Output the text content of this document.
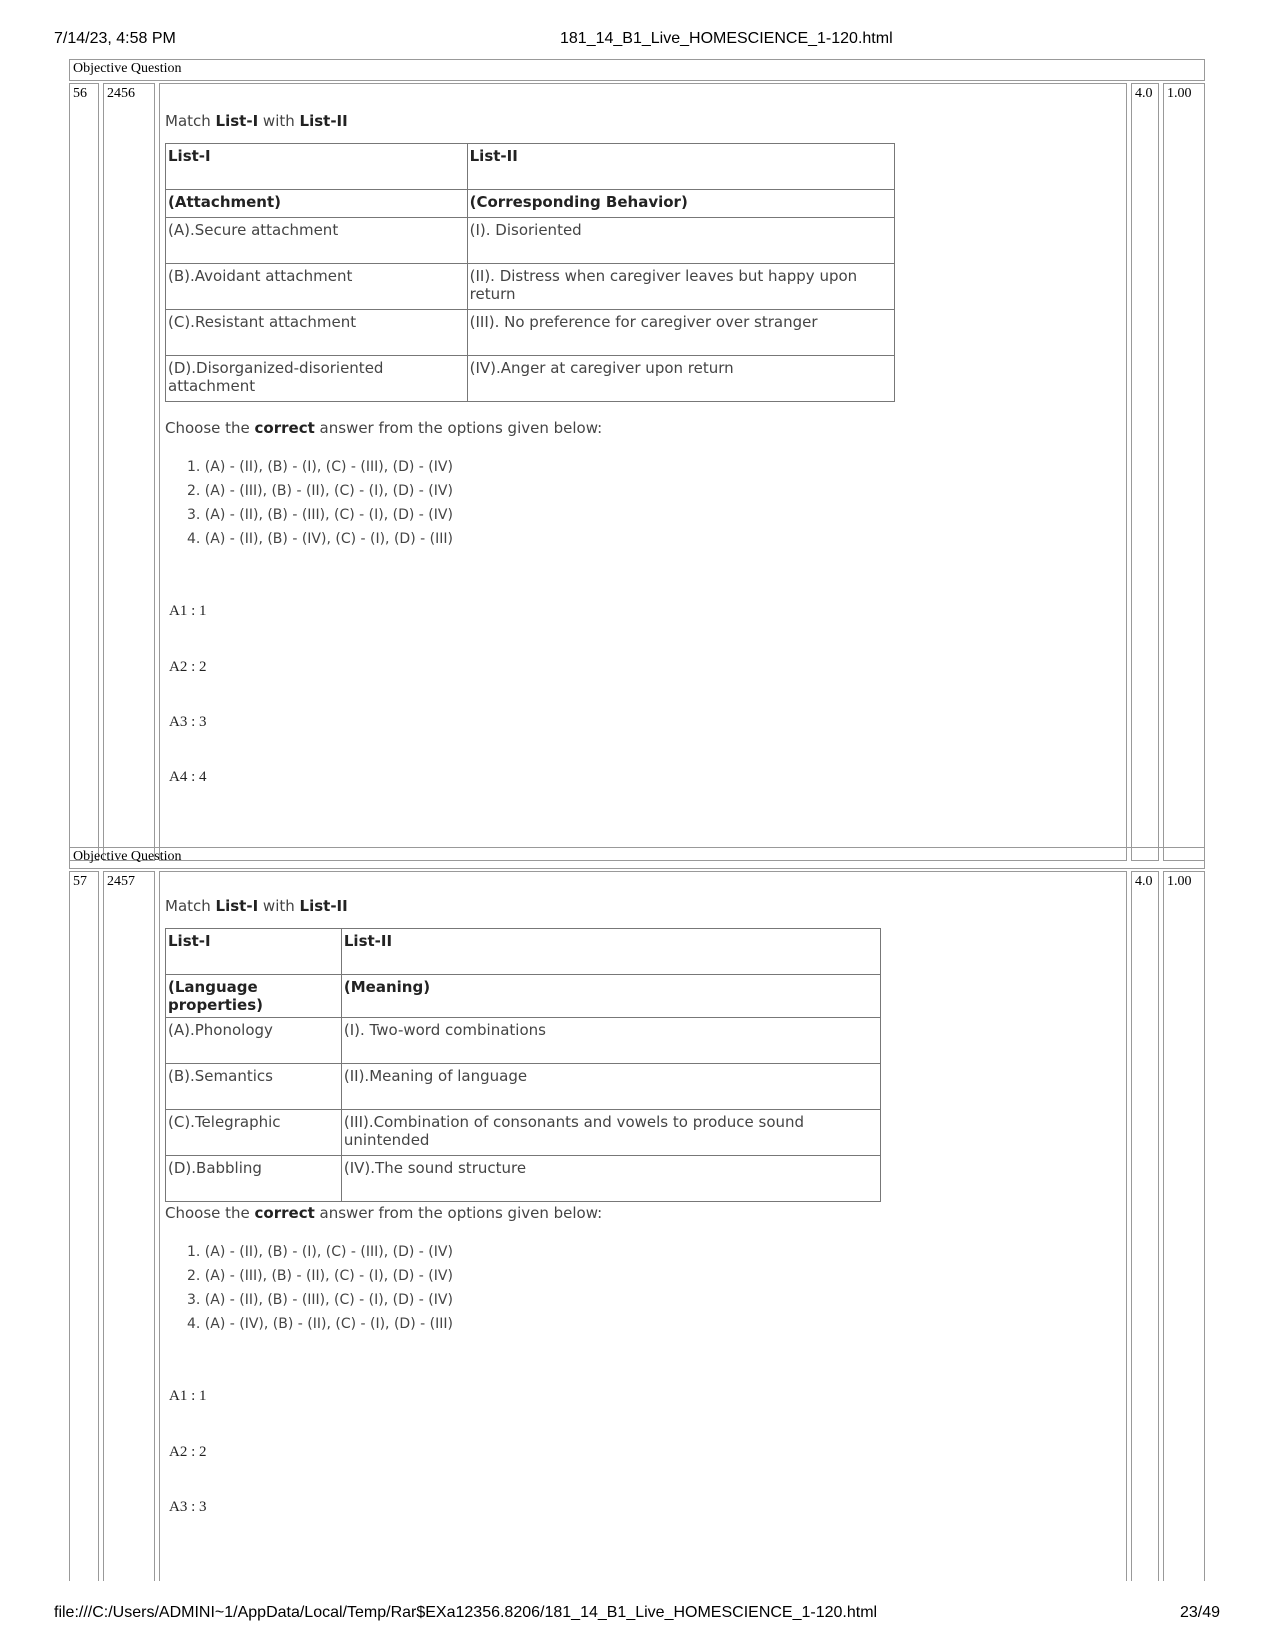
7/14/23, 4:58 PM	181_14_B1_Live_HOMESCIENCE_1-120.html
Objective Question
56	2456	4.0	1.00
Match List-I with List-II
List-I	List-II
(Attachment)	(Corresponding Behavior)
(A).Secure attachment	(I). Disoriented
(B).Avoidant attachment	(II). Distress when caregiver leaves but happy upon return
(C).Resistant attachment	(III). No preference for caregiver over stranger
(D).Disorganized-disoriented attachment	(IV).Anger at caregiver upon return
Choose the correct answer from the options given below:
1. (A) - (II), (B) - (I), (C) - (III), (D) - (IV)
2. (A) - (III), (B) - (II), (C) - (I), (D) - (IV)
3. (A) - (II), (B) - (III), (C) - (I), (D) - (IV)
4. (A) - (II), (B) - (IV), (C) - (I), (D) - (III)
A1 : 1
A2 : 2
A3 : 3
A4 : 4
Objective Question
57	2457	4.0	1.00
Match List-I with List-II
List-I	List-II
(Language properties)	(Meaning)
(A).Phonology	(I). Two-word combinations
(B).Semantics	(II).Meaning of language
(C).Telegraphic	(III).Combination of consonants and vowels to produce sound unintended
(D).Babbling	(IV).The sound structure
Choose the correct answer from the options given below:
1. (A) - (II), (B) - (I), (C) - (III), (D) - (IV)
2. (A) - (III), (B) - (II), (C) - (I), (D) - (IV)
3. (A) - (II), (B) - (III), (C) - (I), (D) - (IV)
4. (A) - (IV), (B) - (II), (C) - (I), (D) - (III)
A1 : 1
A2 : 2
A3 : 3
file:///C:/Users/ADMINI~1/AppData/Local/Temp/Rar$EXa12356.8206/181_14_B1_Live_HOMESCIENCE_1-120.html	23/49
